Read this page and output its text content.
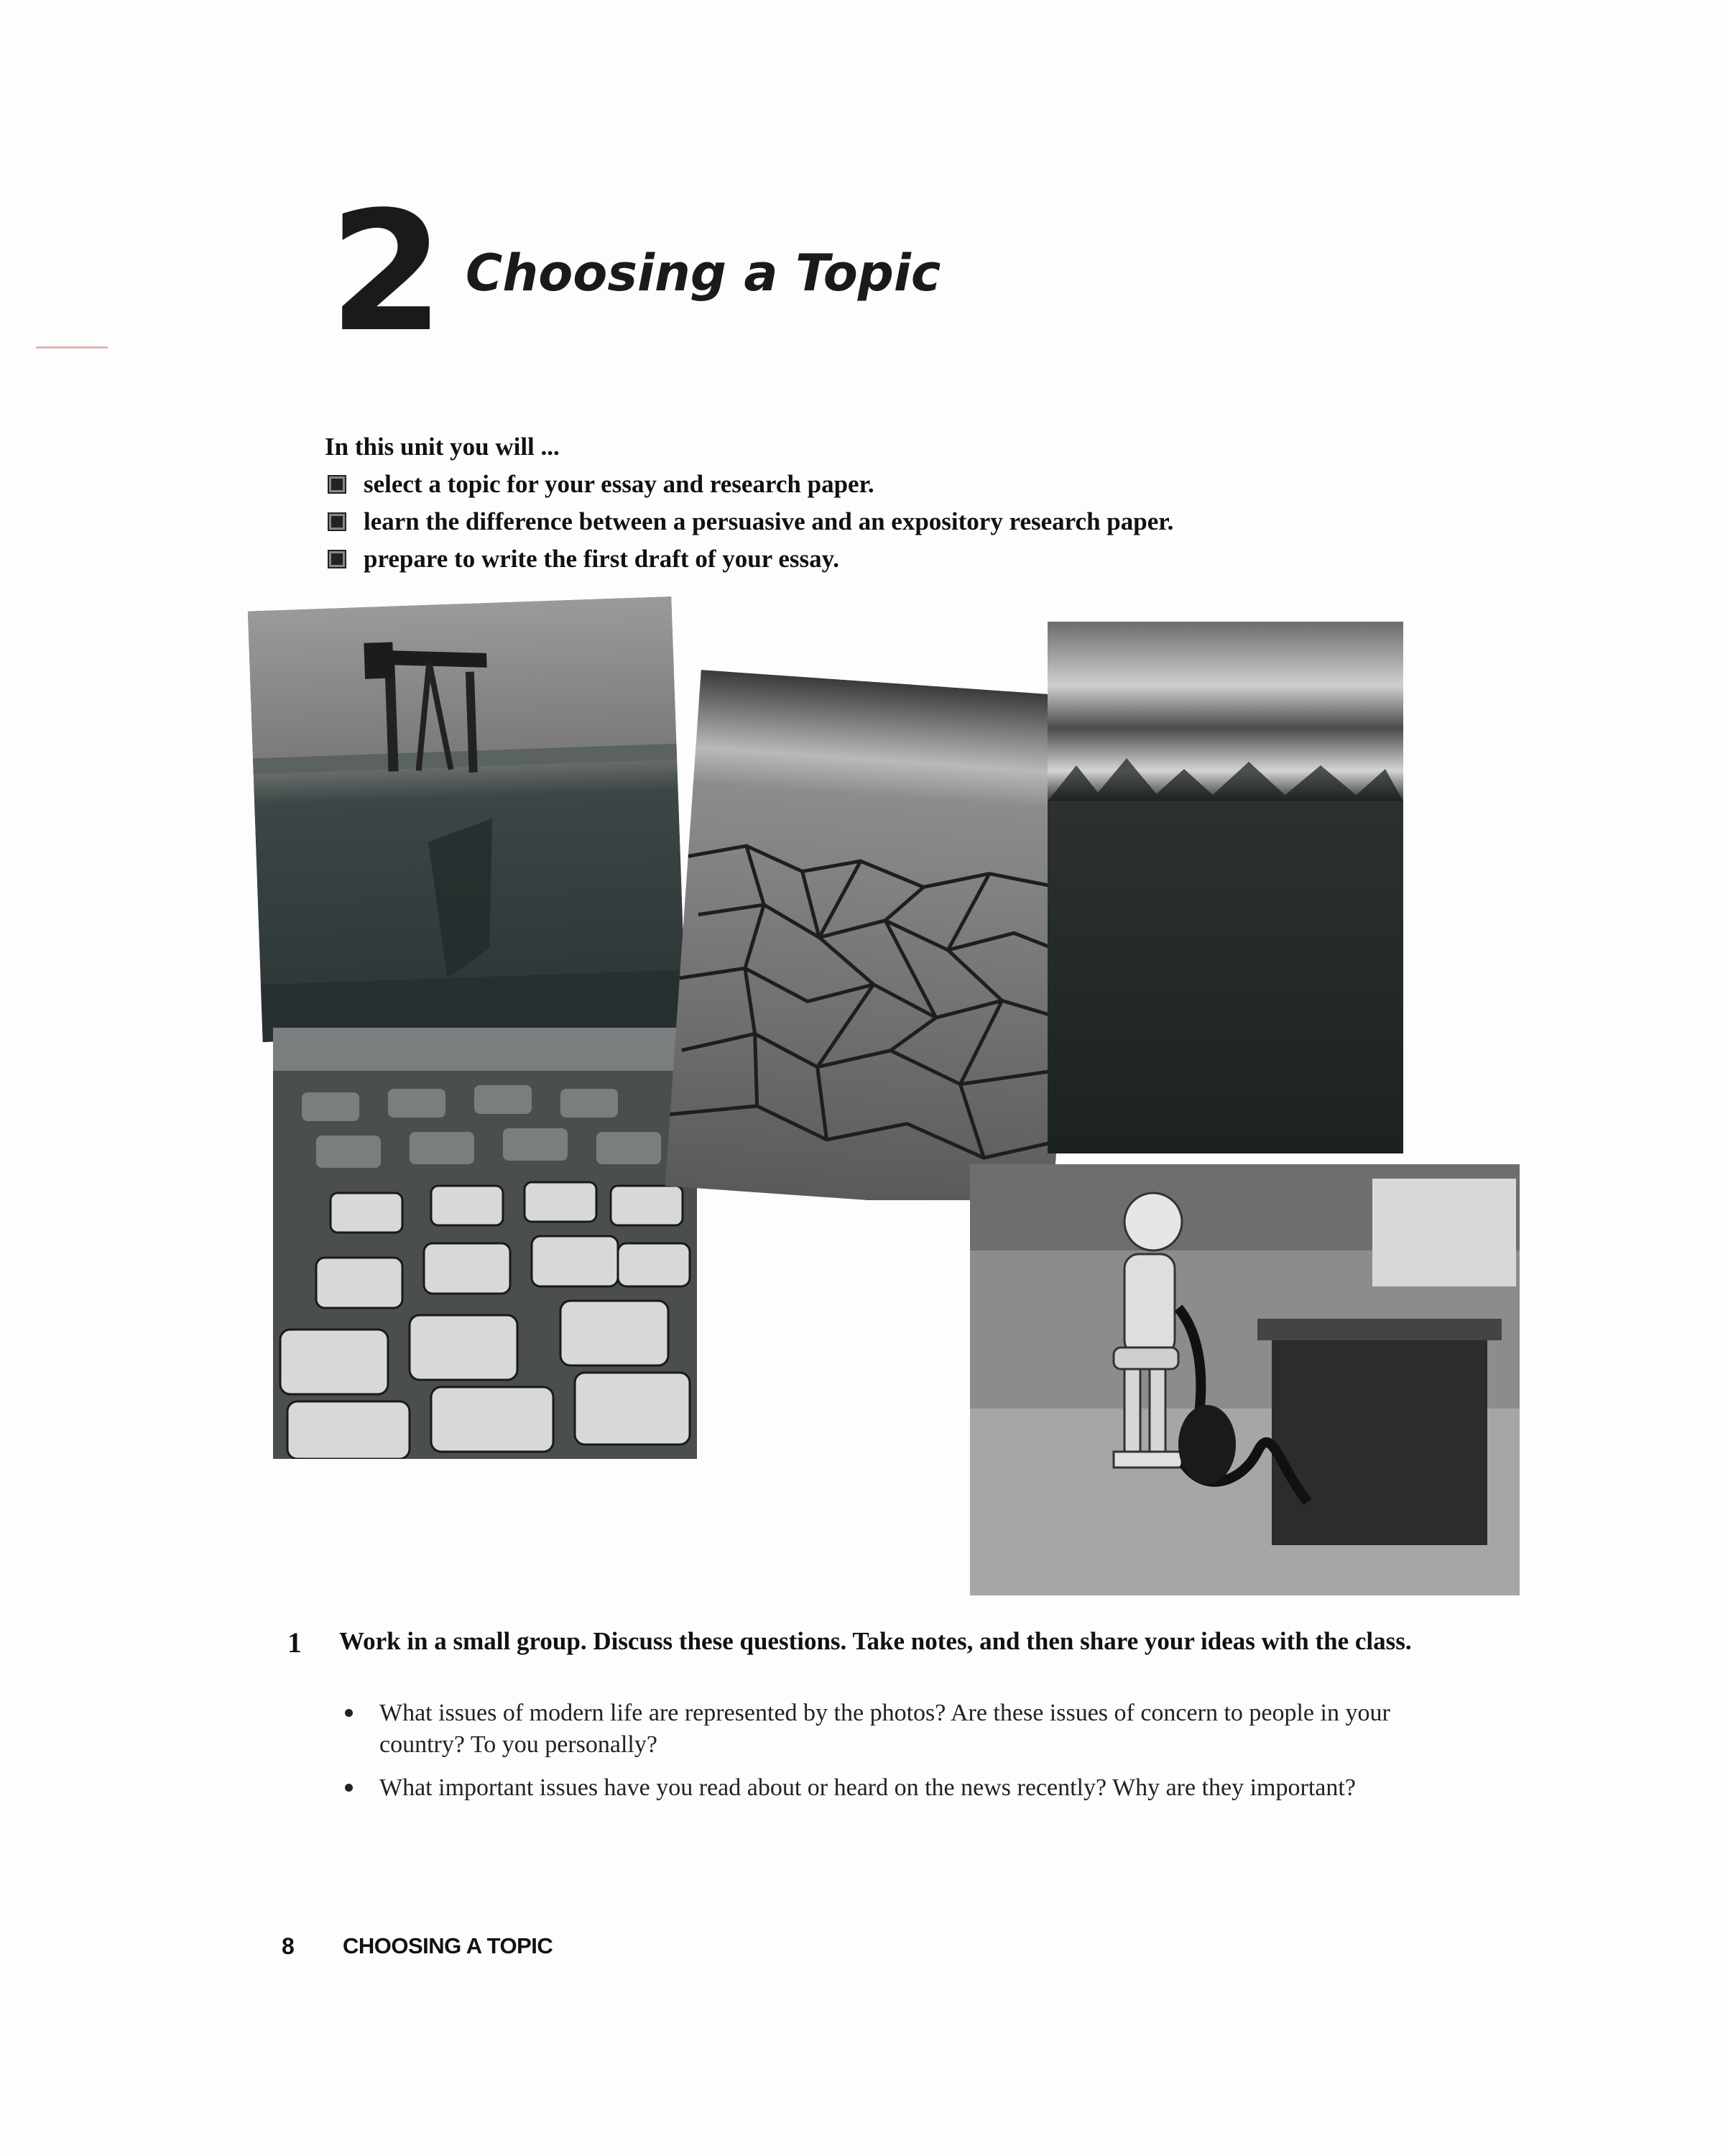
2 Choosing a Topic
In this unit you will ...
select a topic for your essay and research paper.
learn the difference between a persuasive and an expository research paper.
prepare to write the first draft of your essay.
1 Work in a small group. Discuss these questions. Take notes, and then share your ideas with the class.
What issues of modern life are represented by the photos? Are these issues of concern to people in your country? To you personally?
What important issues have you read about or heard on the news recently? Why are they important?
8 CHOOSING A TOPIC
